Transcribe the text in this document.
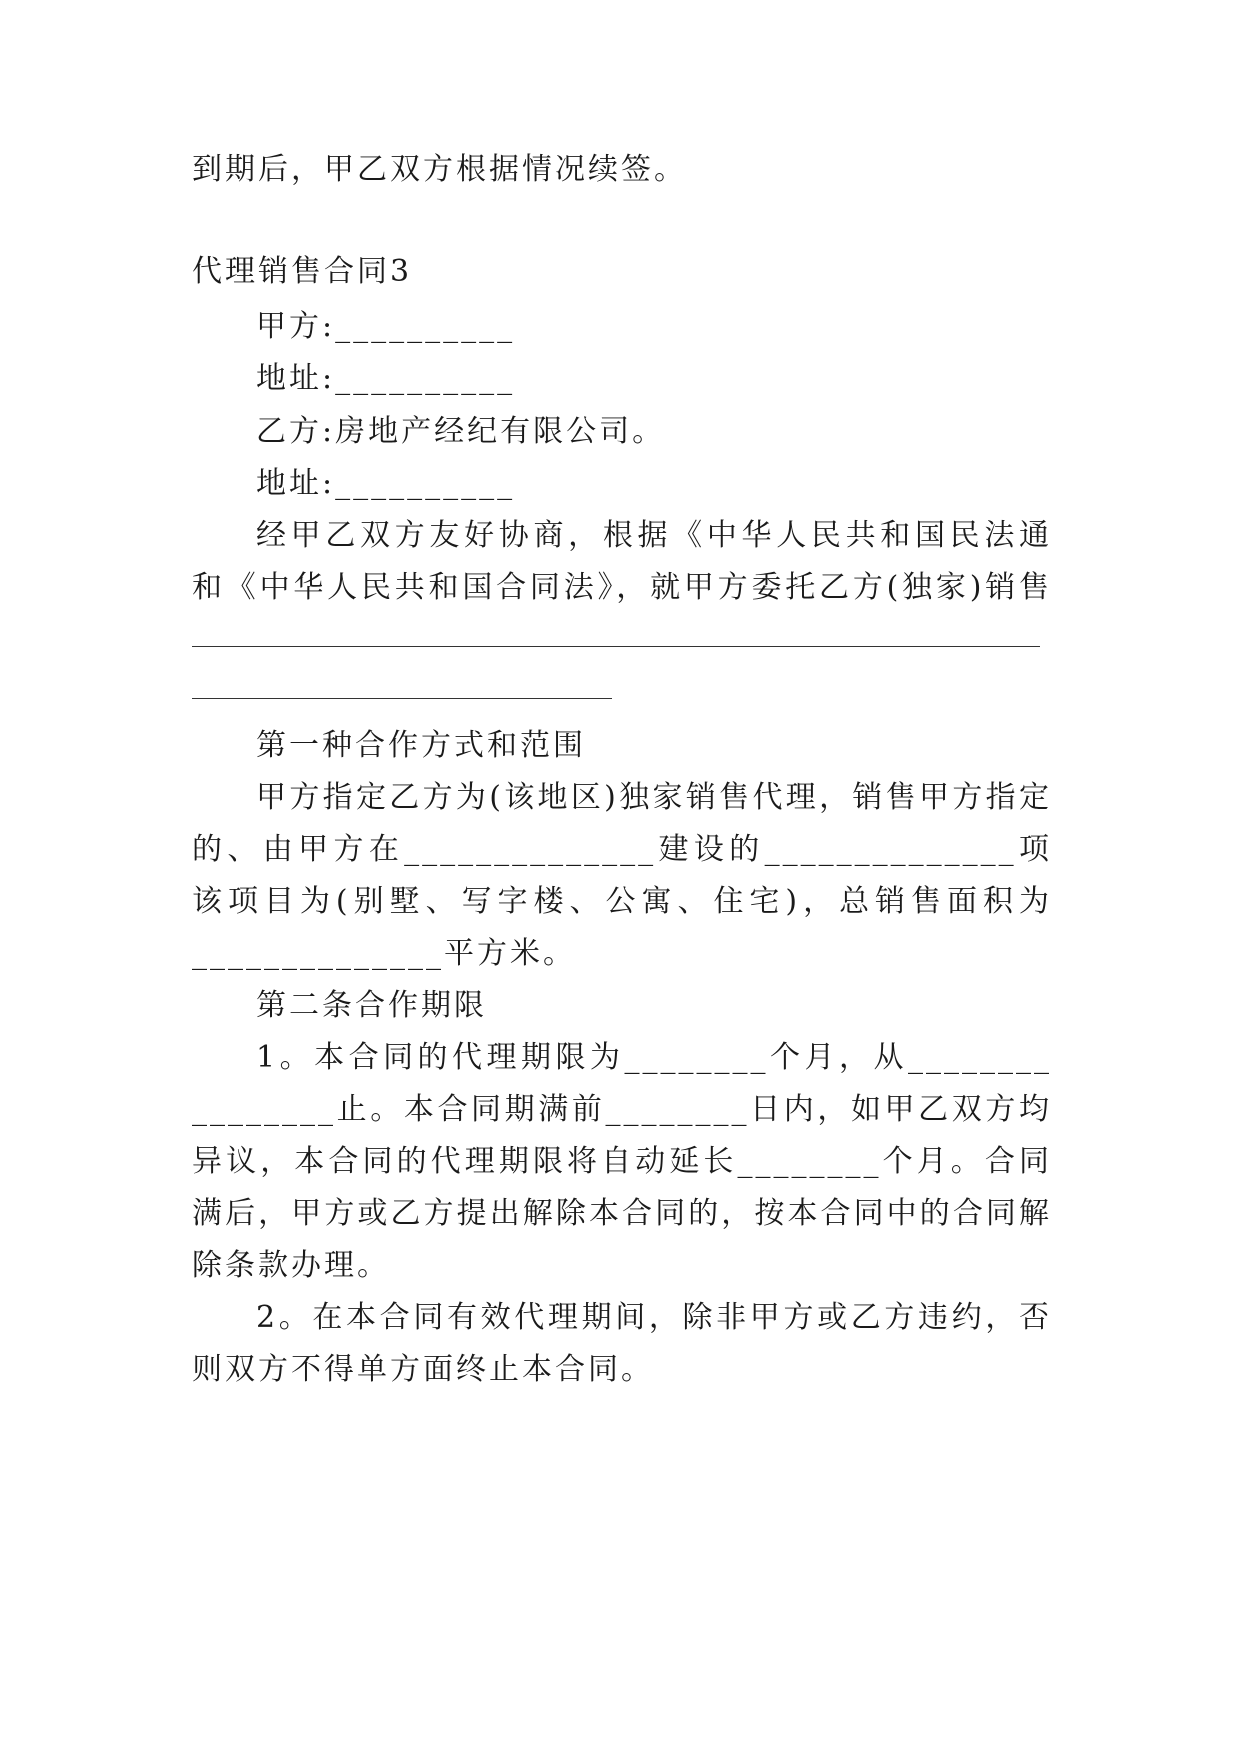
到期后，甲乙双方根据情况续签。
代理销售合同3
甲方:__________
地址:__________
乙方:房地产经纪有限公司。
地址:__________
经甲乙双方友好协商，根据《中华人民共和国民法通
和《中华人民共和国合同法》，就甲方委托乙方(独家)销售
第一种合作方式和范围
甲方指定乙方为(该地区)独家销售代理，销售甲方指定
的、由甲方在______________建设的______________项
该项目为(别墅、写字楼、公寓、住宅)，总销售面积为
______________平方米。
第二条合作期限
1。本合同的代理期限为________个月，从________
________止。本合同期满前________日内，如甲乙双方均
异议，本合同的代理期限将自动延长________个月。合同
满后，甲方或乙方提出解除本合同的，按本合同中的合同解
除条款办理。
2。在本合同有效代理期间，除非甲方或乙方违约，否
则双方不得单方面终止本合同。
